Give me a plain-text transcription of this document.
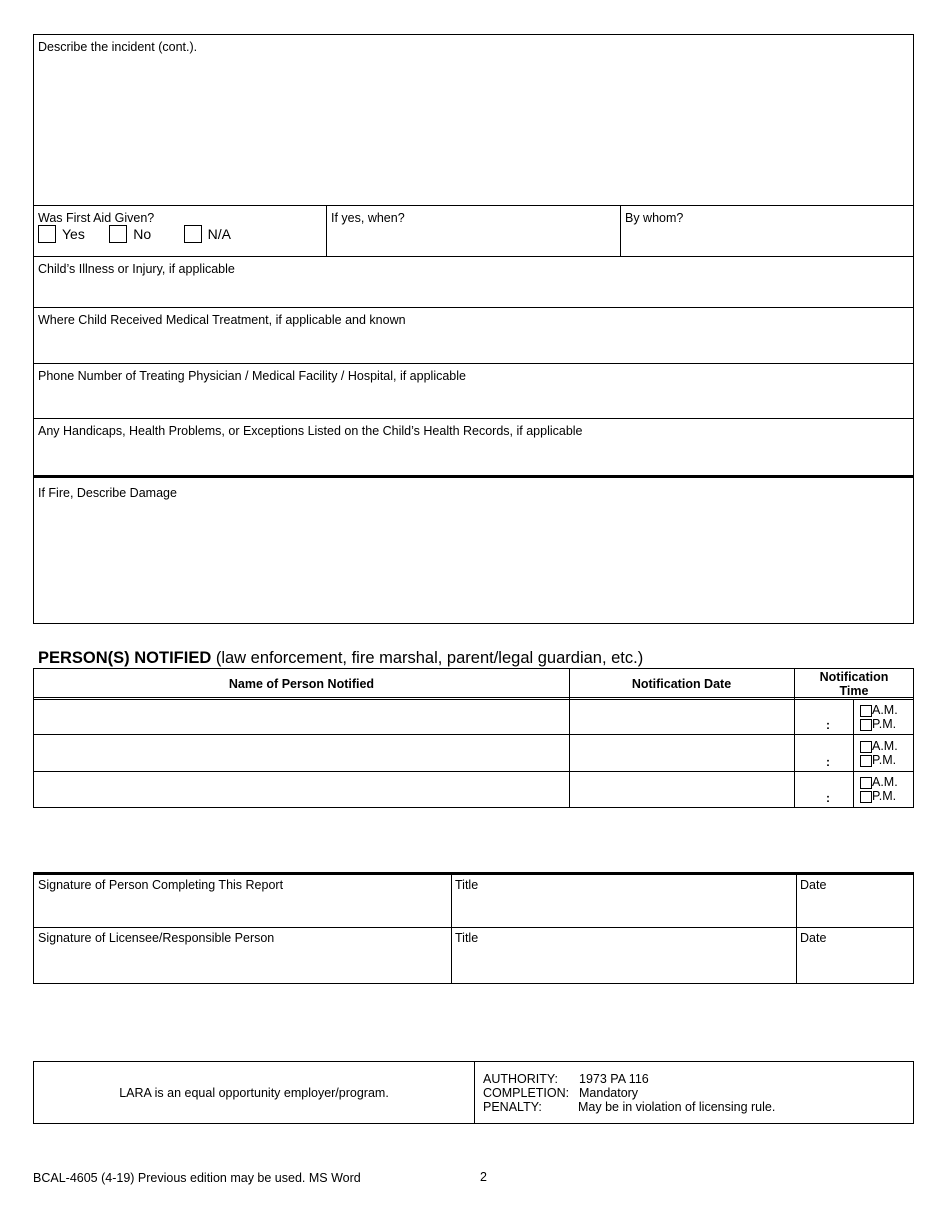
Describe the incident (cont.).
Was First Aid Given?
Yes	No	N/A
If yes, when?	By whom?
Child’s Illness or Injury, if applicable
Where Child Received Medical Treatment, if applicable and known
Phone Number of Treating Physician / Medical Facility / Hospital, if applicable
Any Handicaps, Health Problems, or Exceptions Listed on the Child’s Health Records, if applicable
If Fire, Describe Damage
PERSON(S) NOTIFIED (law enforcement, fire marshal, parent/legal guardian, etc.)
Name of Person Notified	Notification Date	Notification Time
:
A.M.
P.M.
:
A.M.
P.M.
:
A.M.
P.M.
Signature of Person Completing This Report	Title	Date
Signature of Licensee/Responsible Person	Title	Date
LARA is an equal opportunity employer/program.
AUTHORITY: 1973 PA 116
COMPLETION: Mandatory
PENALTY:	May be in violation of licensing rule.
BCAL-4605 (4-19) Previous edition may be used. MS Word	2
